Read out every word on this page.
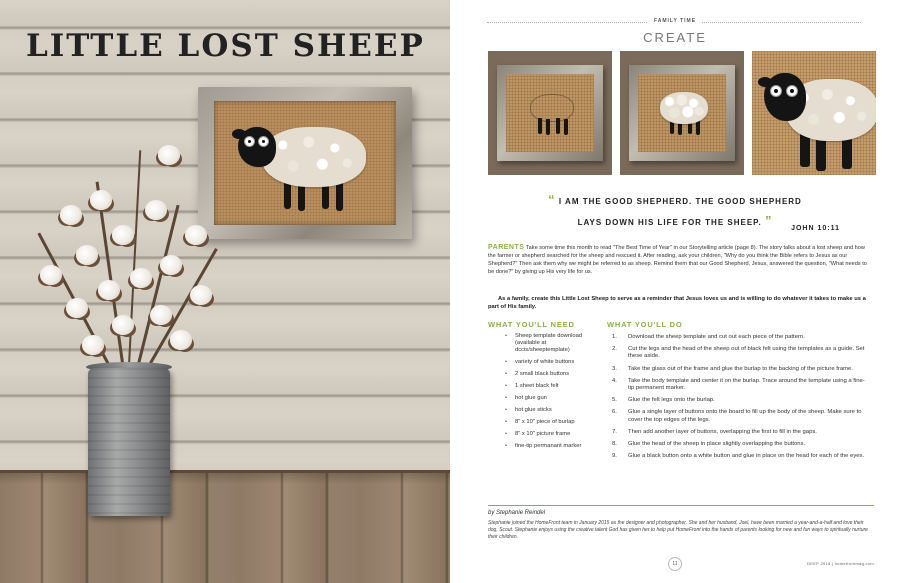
LITTLE LOST SHEEP
FAMILY TIME
CREATE
“ I AM THE GOOD SHEPHERD. THE GOOD SHEPHERD
LAYS DOWN HIS LIFE FOR THE SHEEP. ”
JOHN 10:11
PARENTS Take some time this month to read "The Best Time of Year" in our Storytelling article (page 8). The story talks about a lost sheep and how the farmer or shepherd searched for the sheep and rescued it. After reading, ask your children, "Why do you think the Bible refers to Jesus as our Shepherd?" Then ask them why we might be referred to as sheep. Remind them that our Good Shepherd, Jesus, answered the question, "What needs to be done?" by giving up His very life for us.
As a family, create this Little Lost Sheep to serve as a reminder that Jesus loves us and is willing to do whatever it takes to make us a part of His family.
WHAT YOU'LL NEED	WHAT YOU'LL DO
• Sheep template download (available at dccis/sheeptemplate)
• variety of white buttons
• 2 small black buttons
• 1 sheet black felt
• hot glue gun
• hot glue sticks
• 8" x 10" piece of burlap
• 8" x 10" picture frame
• fine-tip permanant marker
1. Download the sheep template and cut out each piece of the pattern.
2. Cut the legs and the head of the sheep out of black felt using the templates as a guide. Set these aside.
3. Take the glass out of the frame and glue the burlap to the backing of the picture frame.
4. Take the body template and center it on the burlap. Trace around the template using a fine-tip permanent marker.
5. Glue the felt legs onto the burlap.
6. Glue a single layer of buttons onto the board to fill up the body of the sheep. Make sure to cover the top edges of the legs.
7. Then add another layer of buttons, overlapping the first to fill in the gaps.
8. Glue the head of the sheep in place slightly overlapping the buttons.
9. Glue a black button onto a white button and glue in place on the head for each of the eyes.
by Stephanie Reindel
Stephanie joined the HomeFront team in January 2015 as the designer and photographer. She and her husband, Joel, have been married a year-and-a-half and love their dog, Scout. Stephanie enjoys using the creative talent God has given her to help put HomeFront into the hands of parents looking for new and fun ways to spiritually nurture their children.
11	DEEP 2018 | homefrontmag.com
